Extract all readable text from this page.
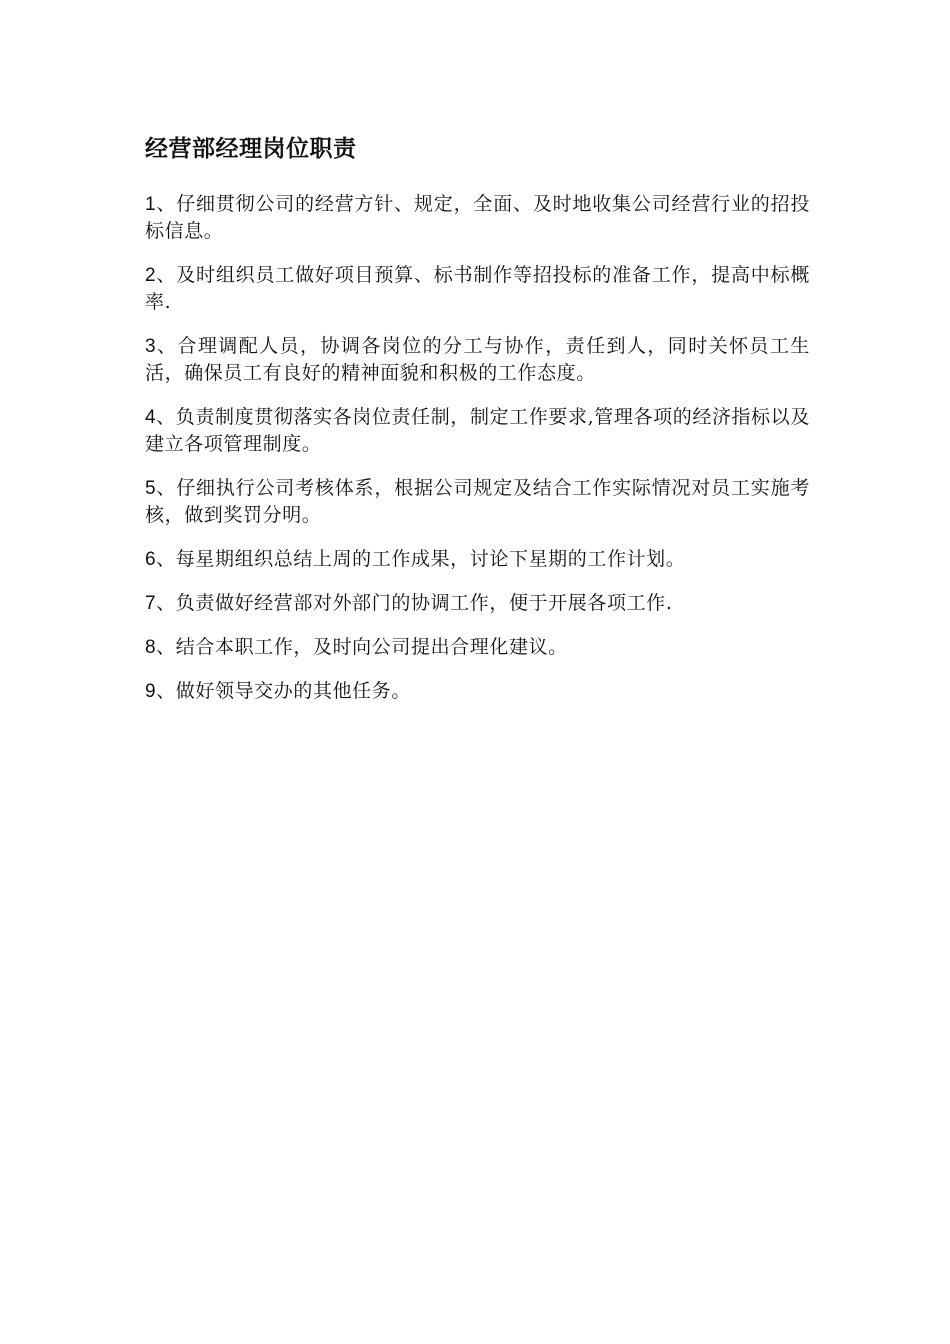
经营部经理岗位职责

1、仔细贯彻公司的经营方针、规定，全面、及时地收集公司经营行业的招投标信息。

2、及时组织员工做好项目预算、标书制作等招投标的准备工作，提高中标概率.

3、合理调配人员，协调各岗位的分工与协作，责任到人，同时关怀员工生活，确保员工有良好的精神面貌和积极的工作态度。

4、负责制度贯彻落实各岗位责任制，制定工作要求,管理各项的经济指标以及建立各项管理制度。

5、仔细执行公司考核体系，根据公司规定及结合工作实际情况对员工实施考核，做到奖罚分明。

6、每星期组织总结上周的工作成果，讨论下星期的工作计划。

7、负责做好经营部对外部门的协调工作，便于开展各项工作.

8、结合本职工作，及时向公司提出合理化建议。

9、做好领导交办的其他任务。
